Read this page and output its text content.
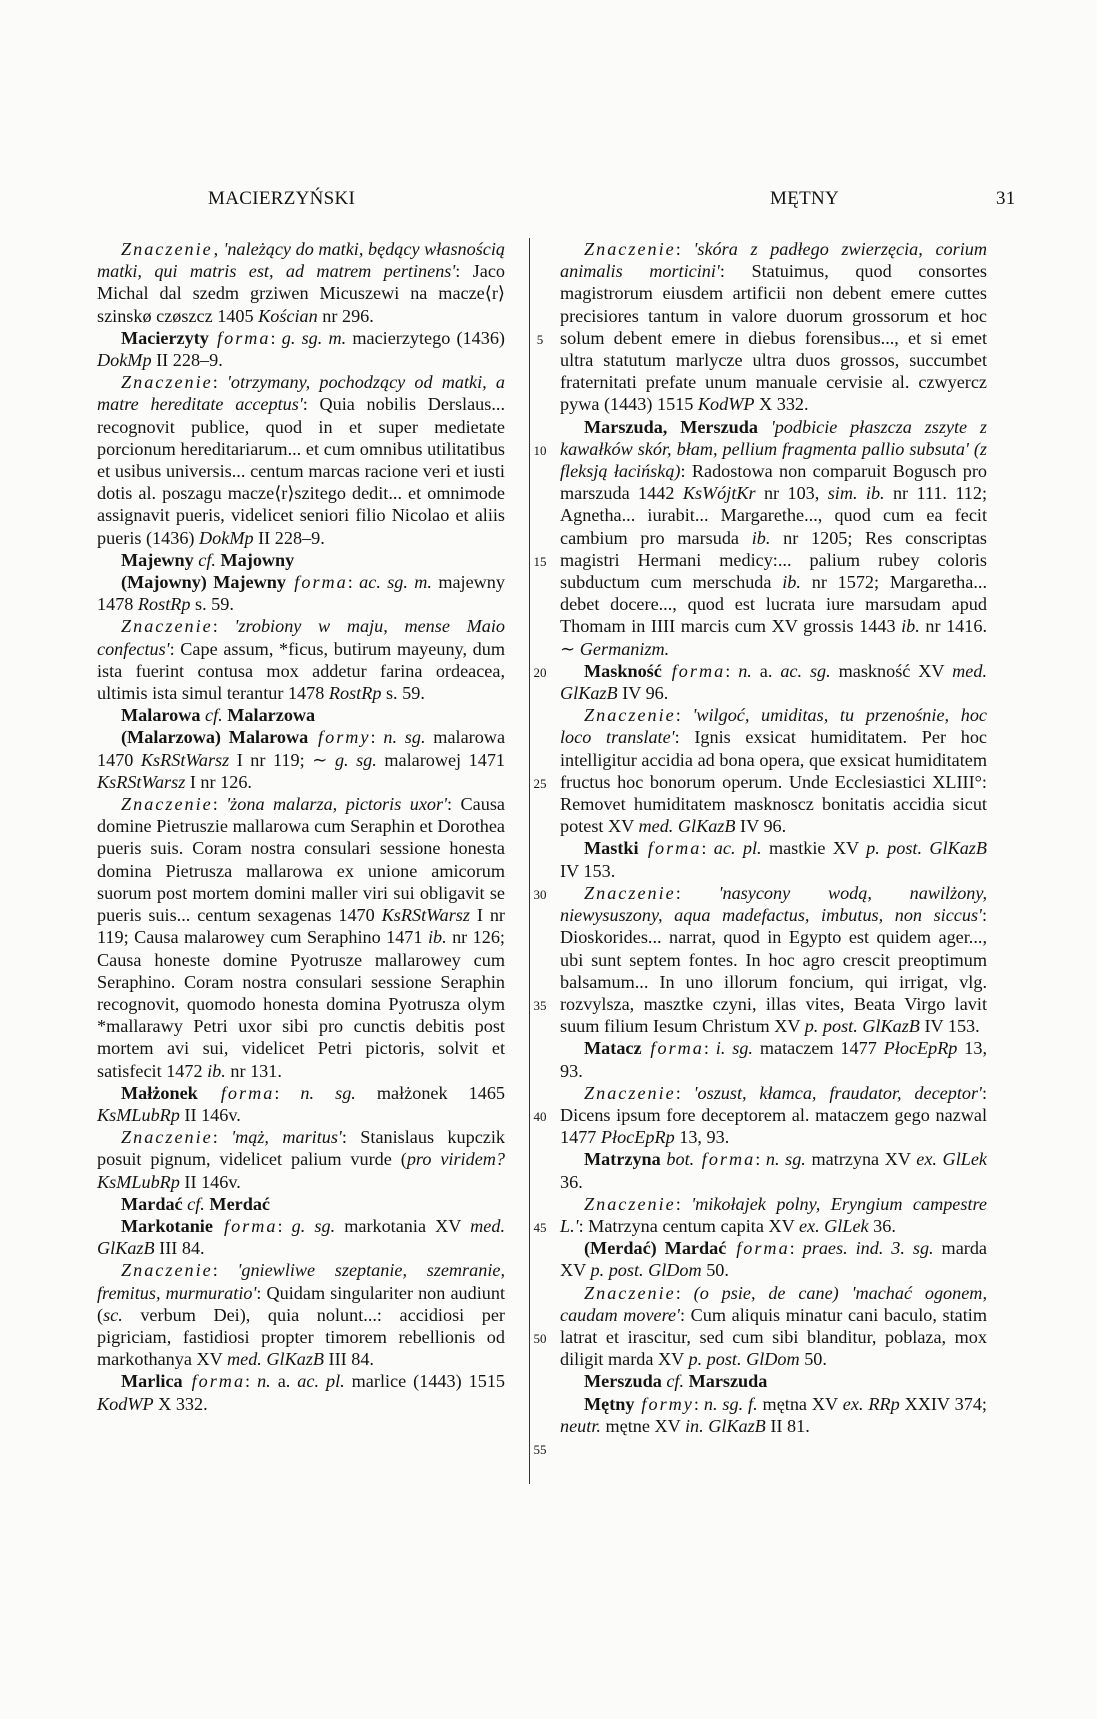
MACIERZYŃSKI	MĘTNY	31

Znaczenie‚ 'należący do matki, będący własnością matki, qui matris est, ad matrem pertinens': Jaco Michal dal szedm grziwen Micuszewi na macze⟨r⟩szinskø czøszcz 1405 Kościan nr 296.

Macierzyty forma: g. sg. m. macierzytego (1436) DokMp II 228–9.

Znaczenie: 'otrzymany, pochodzący od matki, a matre hereditate acceptus': Quia nobilis Derslaus... recognovit publice, quod in et super medietate porcionum hereditariarum... et cum omnibus utilitatibus et usibus universis... centum marcas racione veri et iusti dotis al. poszagu macze⟨r⟩szitego dedit... et omnimode assignavit pueris, videlicet seniori filio Nicolao et aliis pueris (1436) DokMp II 228–9.

Majewny cf. Majowny

(Majowny) Majewny forma: ac. sg. m. majewny 1478 RostRp s. 59.

Znaczenie: 'zrobiony w maju, mense Maio confectus': Cape assum, *ficus, butirum mayeuny, dum ista fuerint contusa mox addetur farina ordeacea, ultimis ista simul terantur 1478 RostRp s. 59.

Malarowa cf. Malarzowa

(Malarzowa) Malarowa formy: n. sg. malarowa 1470 KsRStWarsz I nr 119; ∼ g. sg. malarowej 1471 KsRStWarsz I nr 126.

Znaczenie: 'żona malarza, pictoris uxor': Causa domine Pietruszie mallarowa cum Seraphin et Dorothea pueris suis. Coram nostra consulari sessione honesta domina Pietrusza mallarowa ex unione amicorum suorum post mortem domini maller viri sui obligavit se pueris suis... centum sexagenas 1470 KsRStWarsz I nr 119; Causa malarowey cum Seraphino 1471 ib. nr 126; Causa honeste domine Pyotrusze mallarowey cum Seraphino. Coram nostra consulari sessione Seraphin recognovit, quomodo honesta domina Pyotrusza olym *mallarawy Petri uxor sibi pro cunctis debitis post mortem avi sui, videlicet Petri pictoris, solvit et satisfecit 1472 ib. nr 131.

Małżonek forma: n. sg. małżonek 1465 KsMLubRp II 146v.

Znaczenie: 'mąż, maritus': Stanislaus kupczik posuit pignum, videlicet palium vurde (pro viridem?KsMLubRp II 146v.

Mardać cf. Merdać

Markotanie forma: g. sg. markotania XV med. GlKazB III 84.

Znaczenie: 'gniewliwe szeptanie, szemranie, fremitus, murmuratio': Quidam singulariter non audiunt (sc. verbum Dei), quia nolunt...: accidiosi per pigriciam, fastidiosi propter timorem rebellionis od markothanya XV med. GlKazB III 84.

Marlica forma: n. a. ac. pl. marlice (1443) 1515 KodWP X 332.

5
10
15
20
25
30
35
40
45
50
55

Znaczenie: 'skóra z padłego zwierzęcia, corium animalis morticini': Statuimus, quod consortes magistrorum eiusdem artificii non debent emere cuttes precisiores tantum in valore duorum grossorum et hoc solum debent emere in diebus forensibus..., et si emet ultra statutum marlycze ultra duos grossos, succumbet fraternitati prefate unum manuale cervisie al. czwyercz pywa (1443) 1515 KodWP X 332.

Marszuda, Merszuda 'podbicie płaszcza zszyte z kawałków skór, błam, pellium fragmenta pallio subsuta' (z fleksją łacińską): Radostowa non comparuit Bogusch pro marszuda 1442 KsWójtKr nr 103, sim. ib. nr 111. 112; Agnetha... iurabit... Margarethe..., quod cum ea fecit cambium pro marsuda ib. nr 1205; Res conscriptas magistri Hermani medicy:... palium rubey coloris subductum cum merschuda ib. nr 1572; Margaretha... debet docere..., quod est lucrata iure marsudam apud Thomam in IIII marcis cum XV grossis 1443 ib. nr 1416. ∼ Germanizm.

Maskność forma: n. a. ac. sg. maskność XV med. GlKazB IV 96.

Znaczenie: 'wilgoć, umiditas, tu przenośnie, hoc loco translate': Ignis exsicat humiditatem. Per hoc intelligitur accidia ad bona opera, que exsicat humiditatem fructus hoc bonorum operum. Unde Ecclesiastici XLIII°: Removet humiditatem masknoscz bonitatis accidia sicut potest XV med. GlKazB IV 96.

Mastki forma: ac. pl. mastkie XV p. post. GlKazB IV 153.

Znaczenie: 'nasycony wodą, nawilżony, niewysuszony, aqua madefactus, imbutus, non siccus': Dioskorides... narrat, quod in Egypto est quidem ager..., ubi sunt septem fontes. In hoc agro crescit preoptimum balsamum... In uno illorum foncium, qui irrigat, vlg. rozvylsza, masztke czyni, illas vites, Beata Virgo lavit suum filium Iesum Christum XV p. post. GlKazB IV 153.

Matacz forma: i. sg. mataczem 1477 PłocEpRp 13, 93.

Znaczenie: 'oszust, kłamca, fraudator, deceptor': Dicens ipsum fore deceptorem al. mataczem gego nazwal 1477 PłocEpRp 13, 93.

Matrzyna bot. forma: n. sg. matrzyna XV ex. GlLek 36.

Znaczenie: 'mikołajek polny, Eryngium campestre L.': Matrzyna centum capita XV ex. GlLek 36.

(Merdać) Mardać forma: praes. ind. 3. sg. marda XV p. post. GlDom 50.

Znaczenie: (o psie, de cane) 'machać ogonem, caudam movere': Cum aliquis minatur cani baculo, statim latrat et irascitur, sed cum sibi blanditur, poblaza, mox diligit marda XV p. post. GlDom 50.

Merszuda cf. Marszuda

Mętny formy: n. sg. f. mętna XV ex. RRp XXIV 374; neutr. mętne XV in. GlKazB II 81.
